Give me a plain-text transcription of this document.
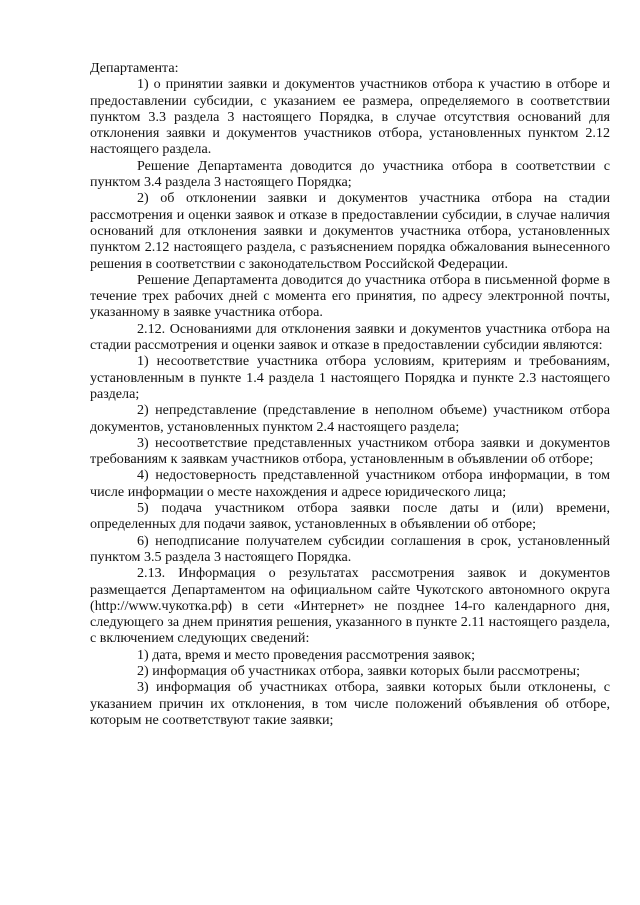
Департамента:

1) о принятии заявки и документов участников отбора к участию в отборе и предоставлении субсидии, с указанием ее размера, определяемого в соответствии пунктом 3.3 раздела 3 настоящего Порядка, в случае отсутствия оснований для отклонения заявки и документов участников отбора, установленных пунктом 2.12 настоящего раздела.

Решение Департамента доводится до участника отбора в соответствии с пунктом 3.4 раздела 3 настоящего Порядка;

2) об отклонении заявки и документов участника отбора на стадии рассмотрения и оценки заявок и отказе в предоставлении субсидии, в случае наличия оснований для отклонения заявки и документов участника отбора, установленных пунктом 2.12 настоящего раздела, с разъяснением порядка обжалования вынесенного решения в соответствии с законодательством Российской Федерации.

Решение Департамента доводится до участника отбора в письменной форме в течение трех рабочих дней с момента его принятия, по адресу электронной почты, указанному в заявке участника отбора.

2.12. Основаниями для отклонения заявки и документов участника отбора на стадии рассмотрения и оценки заявок и отказе в предоставлении субсидии являются:

1) несоответствие участника отбора условиям, критериям и требованиям, установленным в пункте 1.4 раздела 1 настоящего Порядка и пункте 2.3 настоящего раздела;

2) непредставление (представление в неполном объеме) участником отбора документов, установленных пунктом 2.4 настоящего раздела;

3) несоответствие представленных участником отбора заявки и документов требованиям к заявкам участников отбора, установленным в объявлении об отборе;

4) недостоверность представленной участником отбора информации, в том числе информации о месте нахождения и адресе юридического лица;

5) подача участником отбора заявки после даты и (или) времени, определенных для подачи заявок, установленных в объявлении об отборе;

6) неподписание получателем субсидии соглашения в срок, установленный пунктом 3.5 раздела 3 настоящего Порядка.

2.13. Информация о результатах рассмотрения заявок и документов размещается Департаментом на официальном сайте Чукотского автономного округа (http://www.чукотка.рф) в сети «Интернет» не позднее 14-го календарного дня, следующего за днем принятия решения, указанного в пункте 2.11 настоящего раздела, с включением следующих сведений:

1) дата, время и место проведения рассмотрения заявок;

2) информация об участниках отбора, заявки которых были рассмотрены;

3) информация об участниках отбора, заявки которых были отклонены, с указанием причин их отклонения, в том числе положений объявления об отборе, которым не соответствуют такие заявки;
